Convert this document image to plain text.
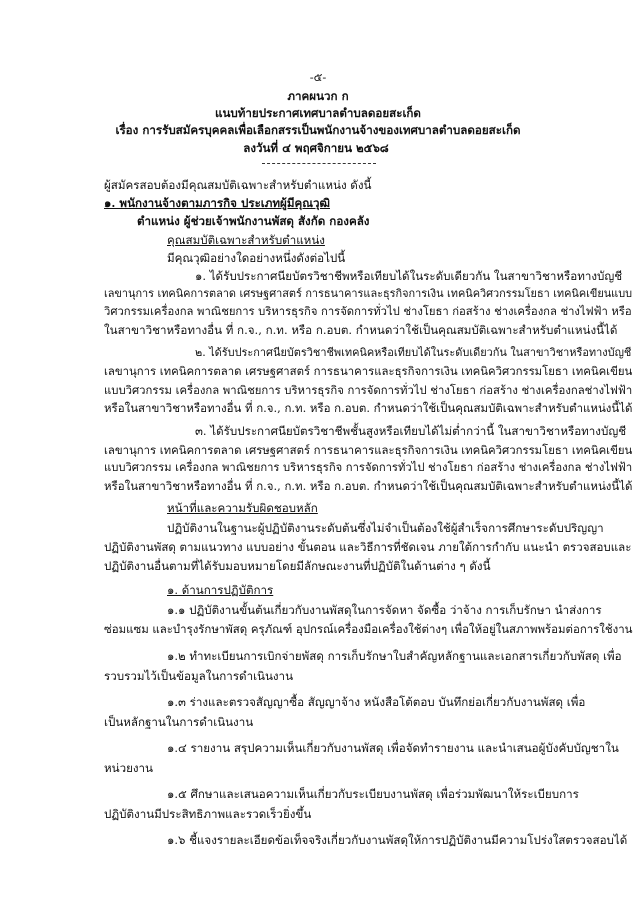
-๕-
ภาคผนวก ก
แนบท้ายประกาศเทศบาลตำบลดอยสะเก็ด
เรื่อง การรับสมัครบุคคลเพื่อเลือกสรรเป็นพนักงานจ้างของเทศบาลตำบลดอยสะเก็ด
ลงวันที่ ๔ พฤศจิกายน ๒๕๖๘
ผู้สมัครสอบต้องมีคุณสมบัติเฉพาะสำหรับตำแหน่ง ดังนี้
๑. พนักงานจ้างตามภารกิจ ประเภทผู้มีคุณวุฒิ
ตำแหน่ง ผู้ช่วยเจ้าพนักงานพัสดุ สังกัด กองคลัง
คุณสมบัติเฉพาะสำหรับตำแหน่ง
มีคุณวุฒิอย่างใดอย่างหนึ่งดังต่อไปนี้
๑. ได้รับประกาศนียบัตรวิชาชีพหรือเทียบได้ในระดับเดียวกัน ในสาขาวิชาหรือทางบัญชี
เลขานุการ เทคนิคการตลาด เศรษฐศาสตร์ การธนาคารและธุรกิจการเงิน เทคนิควิศวกรรมโยธา เทคนิคเขียนแบบ
วิศวกรรมเครื่องกล พาณิชยการ บริหารธุรกิจ การจัดการทั่วไป ช่างโยธา ก่อสร้าง ช่างเครื่องกล ช่างไฟฟ้า หรือ
ในสาขาวิชาหรือทางอื่น ที่ ก.จ., ก.ท. หรือ ก.อบต. กำหนดว่าใช้เป็นคุณสมบัติเฉพาะสำหรับตำแหน่งนี้ได้
๒. ได้รับประกาศนียบัตรวิชาชีพเทคนิคหรือเทียบได้ในระดับเดียวกัน ในสาขาวิชาหรือทางบัญชี
เลขานุการ เทคนิคการตลาด เศรษฐศาสตร์ การธนาคารและธุรกิจการเงิน เทคนิควิศวกรรมโยธา เทคนิคเขียน
แบบวิศวกรรม เครื่องกล พาณิชยการ บริหารธุรกิจ การจัดการทั่วไป ช่างโยธา ก่อสร้าง ช่างเครื่องกลช่างไฟฟ้า
หรือในสาขาวิชาหรือทางอื่น ที่ ก.จ., ก.ท. หรือ ก.อบต. กำหนดว่าใช้เป็นคุณสมบัติเฉพาะสำหรับตำแหน่งนี้ได้
๓. ได้รับประกาศนียบัตรวิชาชีพชั้นสูงหรือเทียบได้ไม่ต่ำกว่านี้ ในสาขาวิชาหรือทางบัญชี
เลขานุการ เทคนิคการตลาด เศรษฐศาสตร์ การธนาคารและธุรกิจการเงิน เทคนิควิศวกรรมโยธา เทคนิคเขียน
แบบวิศวกรรม เครื่องกล พาณิชยการ บริหารธุรกิจ การจัดการทั่วไป ช่างโยธา ก่อสร้าง ช่างเครื่องกล ช่างไฟฟ้า
หรือในสาขาวิชาหรือทางอื่น ที่ ก.จ., ก.ท. หรือ ก.อบต. กำหนดว่าใช้เป็นคุณสมบัติเฉพาะสำหรับตำแหน่งนี้ได้
หน้าที่และความรับผิดชอบหลัก
ปฏิบัติงานในฐานะผู้ปฏิบัติงานระดับต้นซึ่งไม่จำเป็นต้องใช้ผู้สำเร็จการศึกษาระดับปริญญา
ปฏิบัติงานพัสดุ ตามแนวทาง แบบอย่าง ขั้นตอน และวิธีการที่ชัดเจน ภายใต้การกำกับ แนะนำ ตรวจสอบและ
ปฏิบัติงานอื่นตามที่ได้รับมอบหมายโดยมีลักษณะงานที่ปฏิบัติในด้านต่าง ๆ ดังนี้
๑. ด้านการปฏิบัติการ
๑.๑ ปฏิบัติงานขั้นต้นเกี่ยวกับงานพัสดุในการจัดหา จัดซื้อ ว่าจ้าง การเก็บรักษา นำส่งการ
ซ่อมแซม และบำรุงรักษาพัสดุ ครุภัณฑ์ อุปกรณ์เครื่องมือเครื่องใช้ต่างๆ เพื่อให้อยู่ในสภาพพร้อมต่อการใช้งาน
๑.๒ ทำทะเบียนการเบิกจ่ายพัสดุ การเก็บรักษาใบสำคัญหลักฐานและเอกสารเกี่ยวกับพัสดุ เพื่อ
รวบรวมไว้เป็นข้อมูลในการดำเนินงาน
๑.๓ ร่างและตรวจสัญญาซื้อ สัญญาจ้าง หนังสือโต้ตอบ บันทึกย่อเกี่ยวกับงานพัสดุ เพื่อ
เป็นหลักฐานในการดำเนินงาน
๑.๔ รายงาน สรุปความเห็นเกี่ยวกับงานพัสดุ เพื่อจัดทำรายงาน และนำเสนอผู้บังคับบัญชาใน
หน่วยงาน
๑.๕ ศึกษาและเสนอความเห็นเกี่ยวกับระเบียบงานพัสดุ เพื่อร่วมพัฒนาให้ระเบียบการ
ปฏิบัติงานมีประสิทธิภาพและรวดเร็วยิ่งขึ้น
๑.๖ ชี้แจงรายละเอียดข้อเท็จจริงเกี่ยวกับงานพัสดุให้การปฏิบัติงานมีความโปร่งใสตรวจสอบได้
